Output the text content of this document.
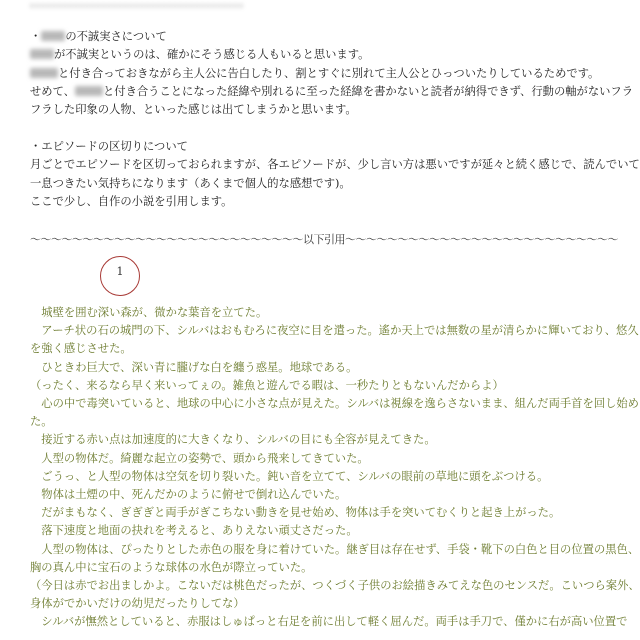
。。。。。。。。。。。。。。。。。。。。。。。。。。。。。。。。。。。。。。。
・ の不誠実さについて
が不誠実というのは、確かにそう感じる人もいると思います。
と付き合っておきながら主人公に告白したり、割とすぐに別れて主人公とひっついたりしているためです。
せめて、 と付き合うことになった経緯や別れるに至った経緯を書かないと読者が納得できず、行動の軸がないフラ
フラした印象の人物、といった感じは出てしまうかと思います。
・エピソードの区切りについて
月ごとでエピソードを区切っておられますが、各エピソードが、少し言い方は悪いですが延々と続く感じで、読んでいて
一息つきたい気持ちになります（あくまで個人的な感想です)。
ここで少し、自作の小説を引用します。
〜〜〜〜〜〜〜〜〜〜〜〜〜〜〜〜〜〜〜〜〜〜〜〜〜〜以下引用〜〜〜〜〜〜〜〜〜〜〜〜〜〜〜〜〜〜〜〜〜〜〜〜〜〜
1
　城壁を囲む深い森が、微かな葉音を立てた。
　アーチ状の石の城門の下、シルバはおもむろに夜空に目を遣った。遙か天上では無数の星が清らかに輝いており、悠久
を強く感じさせた。
　ひときわ巨大で、深い青に朧げな白を纏う惑星。地球である。
（ったく、来るなら早く来いってぇの。雑魚と遊んでる暇は、一秒たりともないんだからよ）
　心の中で毒突いていると、地球の中心に小さな点が見えた。シルバは視線を逸らさないまま、組んだ両手首を回し始め
た。
　接近する赤い点は加速度的に大きくなり、シルバの目にも全容が見えてきた。
　人型の物体だ。綺麗な起立の姿勢で、頭から飛来してきていた。
　ごうっ、と人型の物体は空気を切り裂いた。鈍い音を立てて、シルバの眼前の草地に頭をぶつける。
　物体は土煙の中、死んだかのように俯せで倒れ込んでいた。
　だがまもなく、ぎぎぎと両手がぎこちない動きを見せ始め、物体は手を突いてむくりと起き上がった。
　落下速度と地面の抉れを考えると、ありえない頑丈さだった。
　人型の物体は、ぴったりとした赤色の服を身に着けていた。継ぎ目は存在せず、手袋・靴下の白色と目の位置の黒色、
胸の真ん中に宝石のような球体の水色が際立っていた。
（今日は赤でお出ましかよ。こないだは桃色だったが、つくづく子供のお絵描きみてえな色のセンスだ。こいつら案外、
身体がでかいだけの幼児だったりしてな）
　シルバが憮然としていると、赤服はしゅぱっと右足を前に出して軽く屈んだ。両手は手刀で、僅かに右が高い位置で
